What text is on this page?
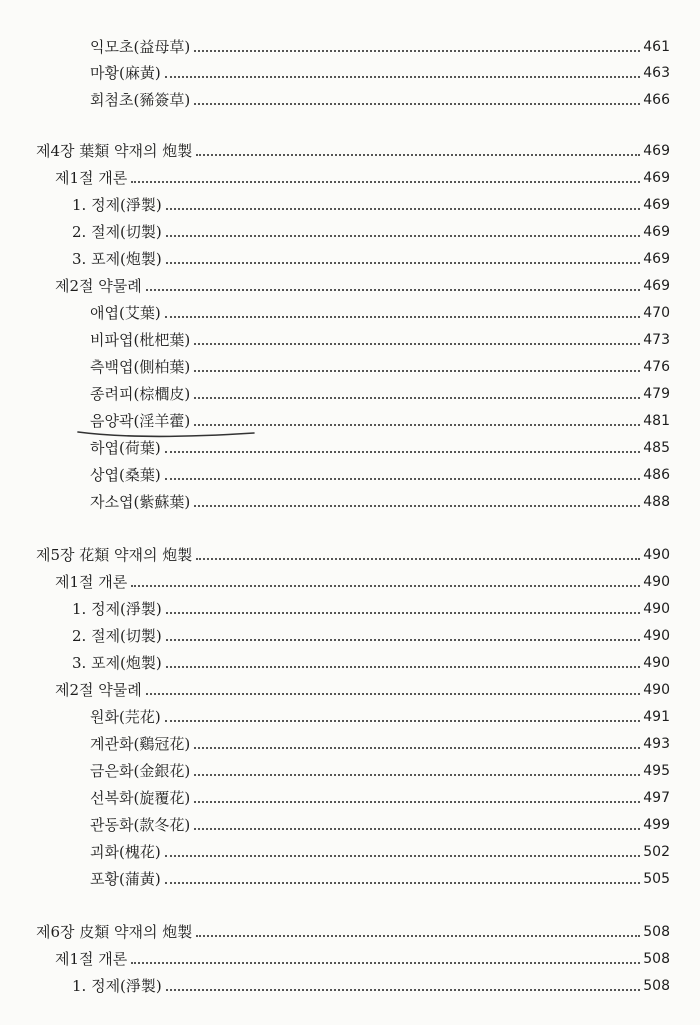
익모초(益母草)	461
마황(麻黃)	463
회첨초(豨簽草)	466
제4장 葉類 약재의 炮製	469
제1절 개론	469
1. 정제(淨製)	469
2. 절제(切製)	469
3. 포제(炮製)	469
제2절 약물례	469
애엽(艾葉)	470
비파엽(枇杷葉)	473
측백엽(側柏葉)	476
종려피(棕櫚皮)	479
음양곽(淫羊藿)	481
하엽(荷葉)	485
상엽(桑葉)	486
자소엽(紫蘇葉)	488
제5장 花類 약재의 炮製	490
제1절 개론	490
1. 정제(淨製)	490
2. 절제(切製)	490
3. 포제(炮製)	490
제2절 약물례	490
원화(芫花)	491
계관화(鷄冠花)	493
금은화(金銀花)	495
선복화(旋覆花)	497
관동화(款冬花)	499
괴화(槐花)	502
포황(蒲黃)	505
제6장 皮類 약재의 炮製	508
제1절 개론	508
1. 정제(淨製)	508
